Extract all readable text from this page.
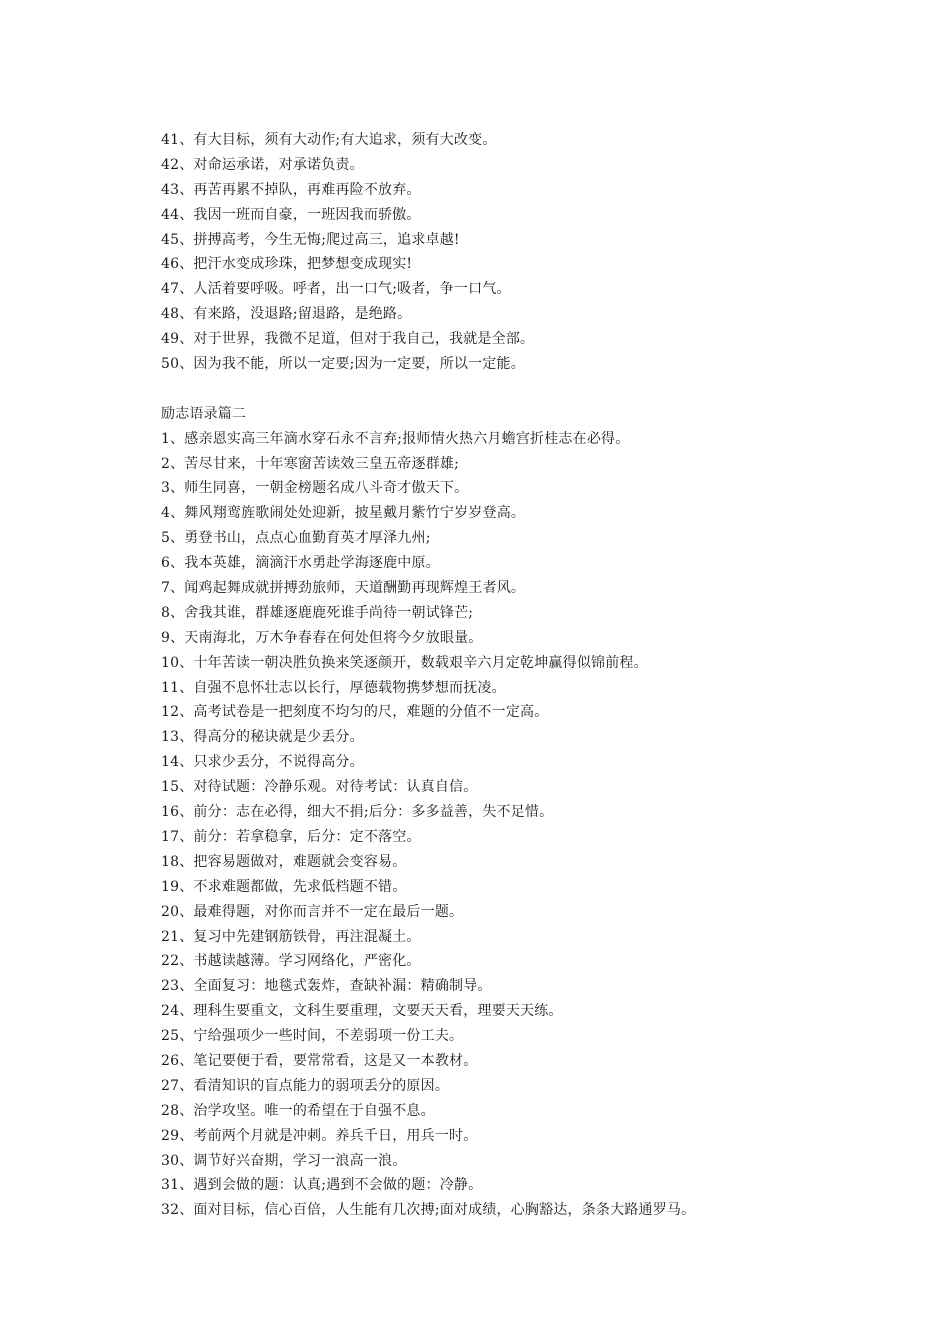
41、有大目标，须有大动作;有大追求，须有大改变。
42、对命运承诺，对承诺负责。
43、再苦再累不掉队，再难再险不放弃。
44、我因一班而自豪，一班因我而骄傲。
45、拼搏高考，今生无悔;爬过高三，追求卓越!
46、把汗水变成珍珠，把梦想变成现实!
47、人活着要呼吸。呼者，出一口气;吸者，争一口气。
48、有来路，没退路;留退路，是绝路。
49、对于世界，我微不足道，但对于我自己，我就是全部。
50、因为我不能，所以一定要;因为一定要，所以一定能。
励志语录篇二
1、感亲恩实高三年滴水穿石永不言弃;报师情火热六月蟾宫折桂志在必得。
2、苦尽甘来，十年寒窗苦读效三皇五帝逐群雄;
3、师生同喜，一朝金榜题名成八斗奇才傲天下。
4、舞风翔鸾旌歌闹处处迎新，披星戴月紫竹宁岁岁登高。
5、勇登书山，点点心血勤育英才厚泽九州;
6、我本英雄，滴滴汗水勇赴学海逐鹿中原。
7、闻鸡起舞成就拼搏劲旅师，天道酬勤再现辉煌王者风。
8、舍我其谁，群雄逐鹿鹿死谁手尚待一朝试锋芒;
9、天南海北，万木争春春在何处但将今夕放眼量。
10、十年苦读一朝决胜负换来笑逐颜开，数载艰辛六月定乾坤赢得似锦前程。
11、自强不息怀壮志以长行，厚德载物携梦想而抚凌。
12、高考试卷是一把刻度不均匀的尺，难题的分值不一定高。
13、得高分的秘诀就是少丢分。
14、只求少丢分，不说得高分。
15、对待试题：冷静乐观。对待考试：认真自信。
16、前分：志在必得，细大不捐;后分：多多益善，失不足惜。
17、前分：若拿稳拿，后分：定不落空。
18、把容易题做对，难题就会变容易。
19、不求难题都做，先求低档题不错。
20、最难得题，对你而言并不一定在最后一题。
21、复习中先建钢筋铁骨，再注混凝土。
22、书越读越薄。学习网络化，严密化。
23、全面复习：地毯式轰炸，查缺补漏：精确制导。
24、理科生要重文，文科生要重理，文要天天看，理要天天练。
25、宁给强项少一些时间，不差弱项一份工夫。
26、笔记要便于看，要常常看，这是又一本教材。
27、看清知识的盲点能力的弱项丢分的原因。
28、治学攻坚。唯一的希望在于自强不息。
29、考前两个月就是冲刺。养兵千日，用兵一时。
30、调节好兴奋期，学习一浪高一浪。
31、遇到会做的题：认真;遇到不会做的题：冷静。
32、面对目标，信心百倍，人生能有几次搏;面对成绩，心胸豁达，条条大路通罗马。
